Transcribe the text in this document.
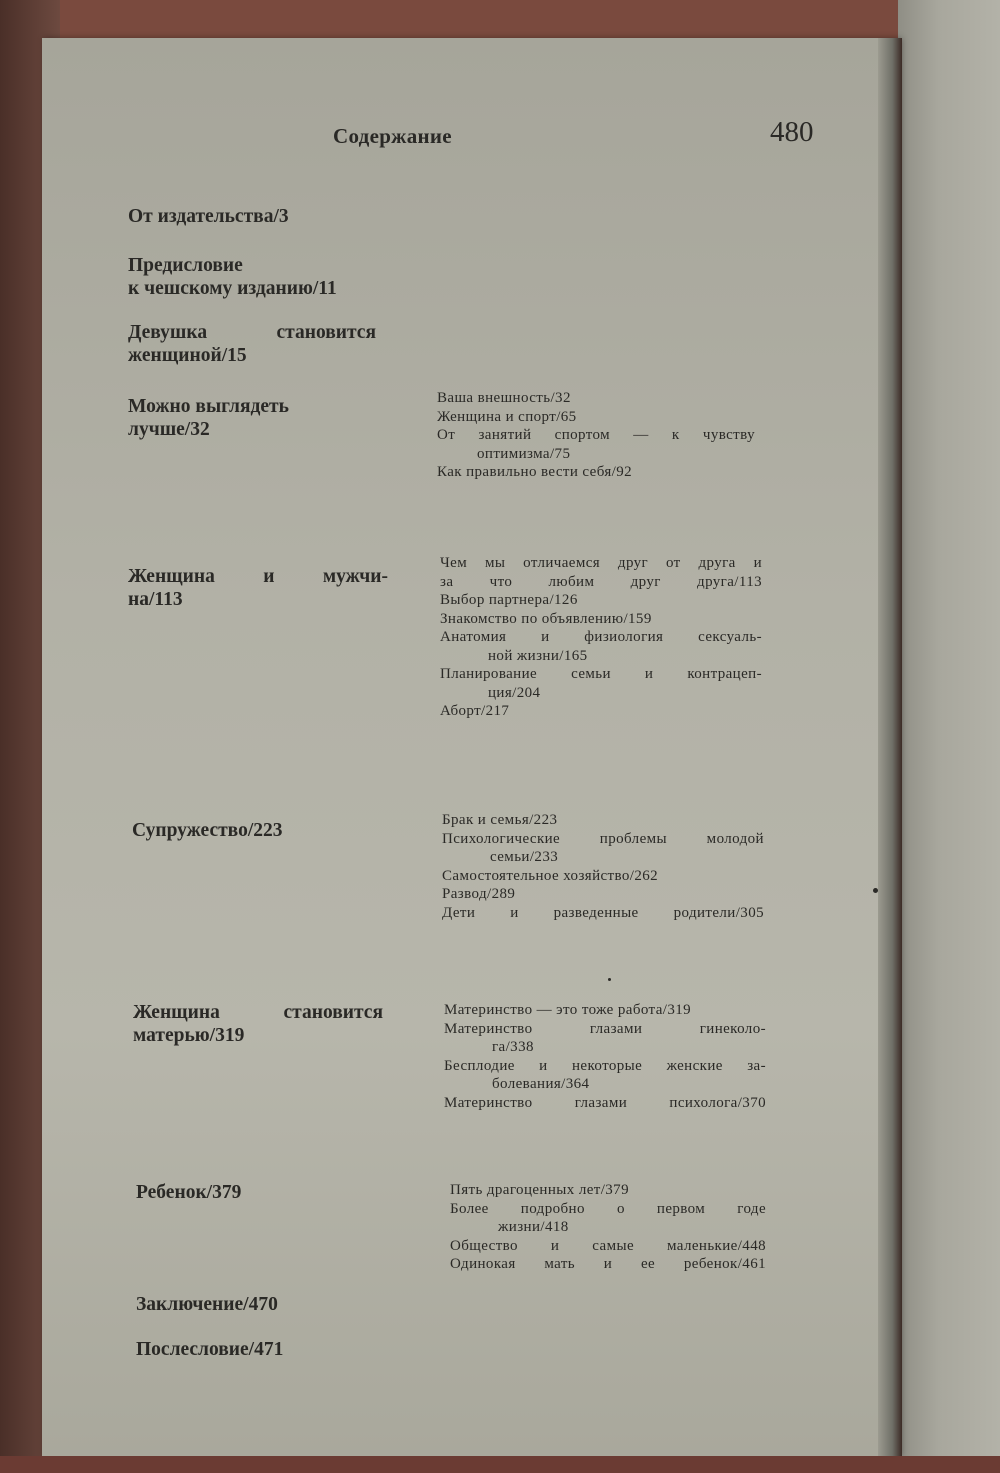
Содержание	480
От издательства/3
Предисловие
к чешскому изданию/11
Девушка становится
женщиной/15
Можно выглядеть
лучше/32
Ваша внешность/32
Женщина и спорт/65
От занятий спортом — к чувству
оптимизма/75
Как правильно вести себя/92
Женщина и мужчи-
на/113
Чем мы отличаемся друг от друга и
за что любим друг друга/113
Выбор партнера/126
Знакомство по объявлению/159
Анатомия и физиология сексуаль-
ной жизни/165
Планирование семьи и контрацеп-
ция/204
Аборт/217
Супружество/223	Брак и семья/223
Психологические проблемы молодой
семьи/233
Самостоятельное хозяйство/262
Развод/289
Дети и разведенные родители/305
Женщина становится
матерью/319
Материнство — это тоже работа/319
Материнство глазами гинеколо-
га/338
Бесплодие и некоторые женские за-
болевания/364
Материнство глазами психолога/370
Ребенок/379	Пять драгоценных лет/379
Более подробно о первом годе
жизни/418
Общество и самые маленькие/448
Одинокая мать и ее ребенок/461
Заключение/470
Послесловие/471
